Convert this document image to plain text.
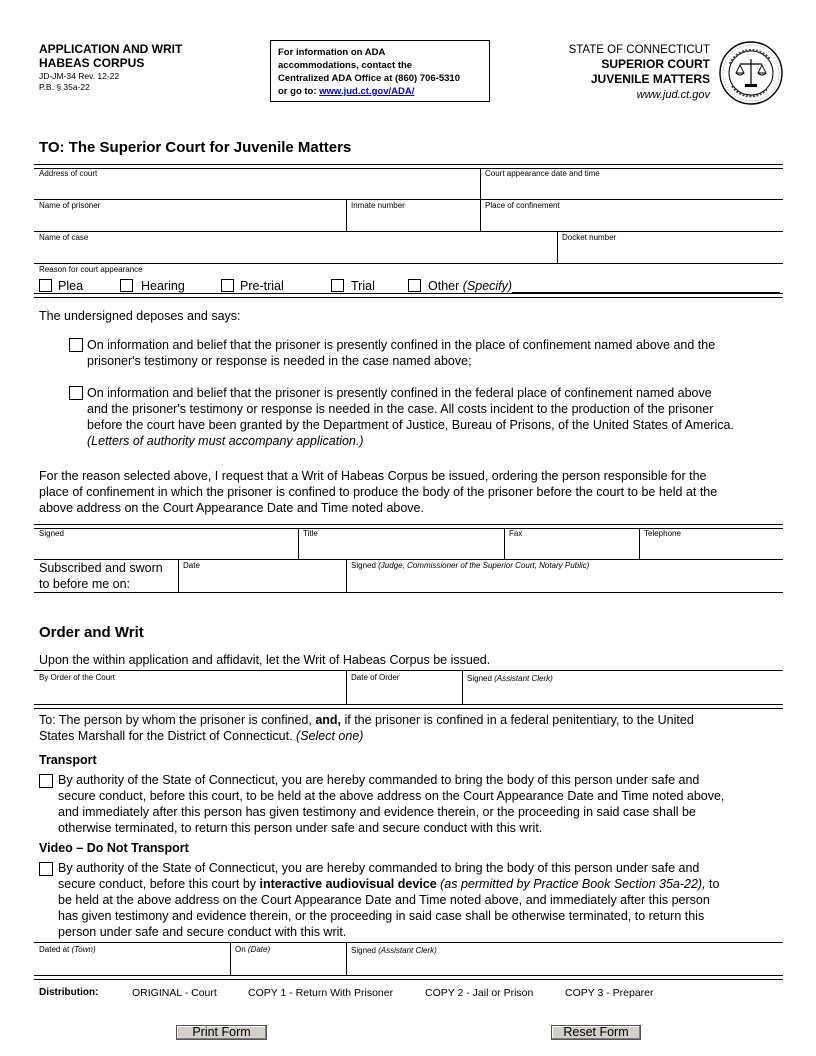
APPLICATION AND WRIT
HABEAS CORPUS
JD-JM-34 Rev. 12-22
P.B. § 35a-22
For information on ADA
accommodations, contact the
Centralized ADA Office at (860) 706-5310
or go to: www.jud.ct.gov/ADA/
STATE OF CONNECTICUT
SUPERIOR COURT
JUVENILE MATTERS
www.jud.ct.gov
TO: The Superior Court for Juvenile Matters
Address of court	Court appearance date and time
Name of prisoner	Inmate number	Place of confinement
Name of case	Docket number
Reason for court appearance
Plea	Hearing	Pre-trial	Trial	Other (Specify)
The undersigned deposes and says:
On information and belief that the prisoner is presently confined in the place of confinement named above and the
prisoner's testimony or response is needed in the case named above;
On information and belief that the prisoner is presently confined in the federal place of confinement named above
and the prisoner's testimony or response is needed in the case. All costs incident to the production of the prisoner
before the court have been granted by the Department of Justice, Bureau of Prisons, of the United States of America.
(Letters of authority must accompany application.)
For the reason selected above, I request that a Writ of Habeas Corpus be issued, ordering the person responsible for the
place of confinement in which the prisoner is confined to produce the body of the prisoner before the court to be held at the
above address on the Court Appearance Date and Time noted above.
Signed	Title	Fax	Telephone
Subscribed and sworn
to before me on:
Date	Signed (Judge, Commissioner of the Superior Court, Notary Public)
Order and Writ
Upon the within application and affidavit, let the Writ of Habeas Corpus be issued.
By Order of the Court	Date of Order	Signed (Assistant Clerk)
To: The person by whom the prisoner is confined, and, if the prisoner is confined in a federal penitentiary, to the United
States Marshall for the District of Connecticut. (Select one)
Transport
By authority of the State of Connecticut, you are hereby commanded to bring the body of this person under safe and
secure conduct, before this court, to be held at the above address on the Court Appearance Date and Time noted above,
and immediately after this person has given testimony and evidence therein, or the proceeding in said case shall be
otherwise terminated, to return this person under safe and secure conduct with this writ.
Video – Do Not Transport
By authority of the State of Connecticut, you are hereby commanded to bring the body of this person under safe and
secure conduct, before this court by interactive audiovisual device (as permitted by Practice Book Section 35a-22), to
be held at the above address on the Court Appearance Date and Time noted above, and immediately after this person
has given testimony and evidence therein, or the proceeding in said case shall be otherwise terminated, to return this
person under safe and secure conduct with this writ.
Dated at (Town)	On (Date)	Signed (Assistant Clerk)
Distribution:	ORIGINAL - Court	COPY 1 - Return With Prisoner	COPY 2 - Jail or Prison	COPY 3 - Preparer
Print Form	Reset Form
